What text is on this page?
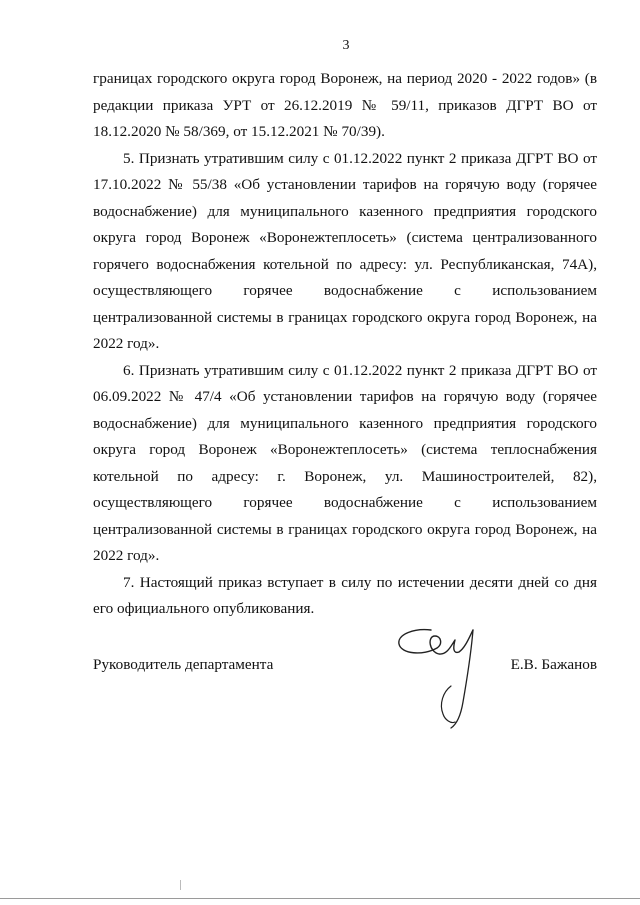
3

границах городского округа город Воронеж, на период 2020 - 2022 годов» (в редакции приказа УРТ от 26.12.2019 № 59/11, приказов ДГРТ ВО от 18.12.2020 № 58/369, от 15.12.2021 № 70/39).

5. Признать утратившим силу с 01.12.2022 пункт 2 приказа ДГРТ ВО от 17.10.2022 № 55/38 «Об установлении тарифов на горячую воду (горячее водоснабжение) для муниципального казенного предприятия городского округа город Воронеж «Воронежтеплосеть» (система централизованного горячего водоснабжения котельной по адресу: ул. Республиканская, 74А), осуществляющего горячее водоснабжение с использованием централизованной системы в границах городского округа город Воронеж, на 2022 год».

6. Признать утратившим силу с 01.12.2022 пункт 2 приказа ДГРТ ВО от 06.09.2022 № 47/4 «Об установлении тарифов на горячую воду (горячее водоснабжение) для муниципального казенного предприятия городского округа город Воронеж «Воронежтеплосеть» (система теплоснабжения котельной по адресу: г. Воронеж, ул. Машиностроителей, 82), осуществляющего горячее водоснабжение с использованием централизованной системы в границах городского округа город Воронеж, на 2022 год».

7. Настоящий приказ вступает в силу по истечении десяти дней со дня его официального опубликования.

Руководитель департамента	Е.В. Бажанов
